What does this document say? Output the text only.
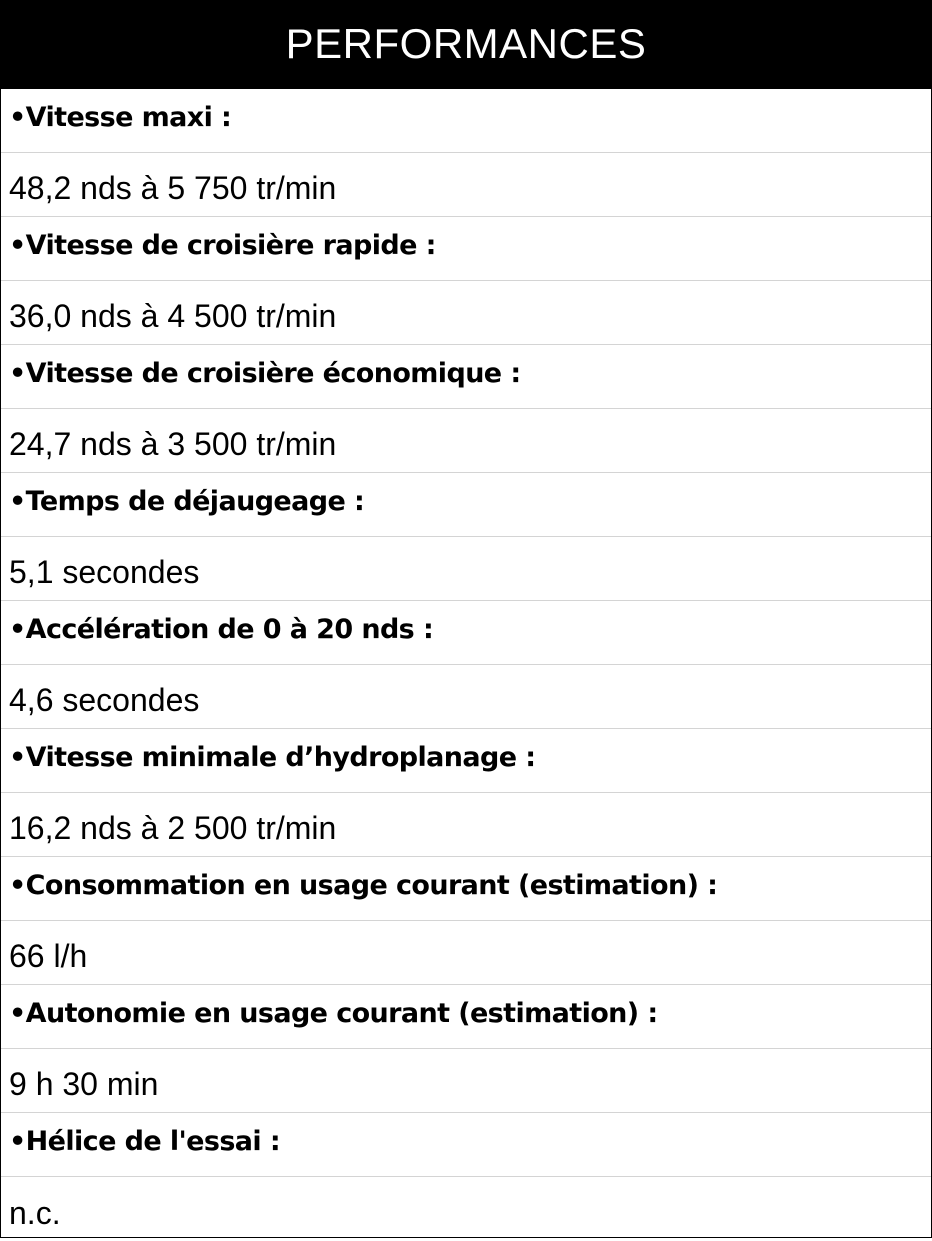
PERFORMANCES
•Vitesse maxi :
48,2 nds à 5 750 tr/min
•Vitesse de croisière rapide :
36,0 nds à 4 500 tr/min
•Vitesse de croisière économique :
24,7 nds à 3 500 tr/min
•Temps de déjaugeage :
5,1 secondes
•Accélération de 0 à 20 nds :
4,6 secondes
•Vitesse minimale d’hydroplanage :
16,2 nds à 2 500 tr/min
•Consommation en usage courant (estimation) :
66 l/h
•Autonomie en usage courant (estimation) :
9 h 30 min
•Hélice de l'essai :
n.c.
